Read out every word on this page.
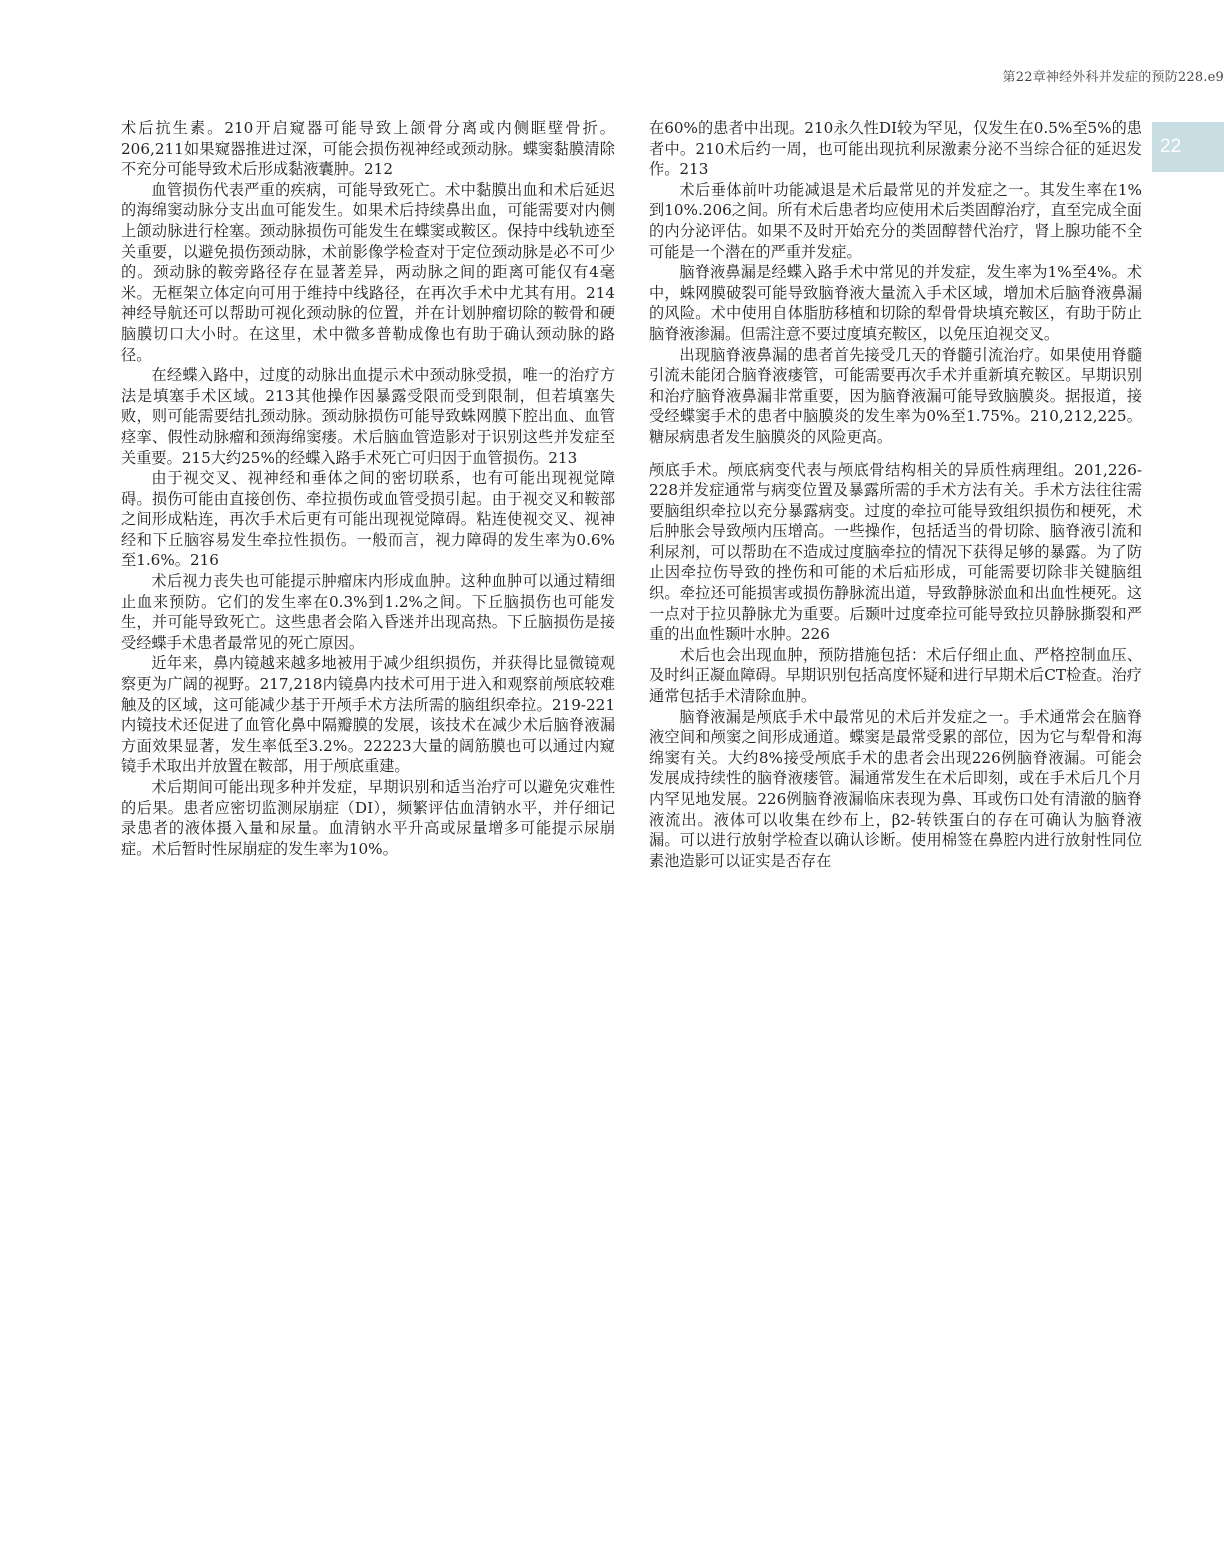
第22章神经外科并发症的预防228.e9
22

术后抗生素。210开启窥器可能导致上颌骨分离或内侧眶壁骨折。206,211如果窥器推进过深，可能会损伤视神经或颈动脉。蝶窦黏膜清除不充分可能导致术后形成黏液囊肿。212

血管损伤代表严重的疾病，可能导致死亡。术中黏膜出血和术后延迟的海绵窦动脉分支出血可能发生。如果术后持续鼻出血，可能需要对内侧上颌动脉进行栓塞。颈动脉损伤可能发生在蝶窦或鞍区。保持中线轨迹至关重要，以避免损伤颈动脉，术前影像学检查对于定位颈动脉是必不可少的。颈动脉的鞍旁路径存在显著差异，两动脉之间的距离可能仅有4毫米。无框架立体定向可用于维持中线路径，在再次手术中尤其有用。214神经导航还可以帮助可视化颈动脉的位置，并在计划肿瘤切除的鞍骨和硬脑膜切口大小时。在这里，术中微多普勒成像也有助于确认颈动脉的路径。

在经蝶入路中，过度的动脉出血提示术中颈动脉受损，唯一的治疗方法是填塞手术区域。213其他操作因暴露受限而受到限制，但若填塞失败，则可能需要结扎颈动脉。颈动脉损伤可能导致蛛网膜下腔出血、血管痉挛、假性动脉瘤和颈海绵窦瘘。术后脑血管造影对于识别这些并发症至关重要。215大约25%的经蝶入路手术死亡可归因于血管损伤。213

由于视交叉、视神经和垂体之间的密切联系，也有可能出现视觉障碍。损伤可能由直接创伤、牵拉损伤或血管受损引起。由于视交叉和鞍部之间形成粘连，再次手术后更有可能出现视觉障碍。粘连使视交叉、视神经和下丘脑容易发生牵拉性损伤。一般而言，视力障碍的发生率为0.6%至1.6%。216

术后视力丧失也可能提示肿瘤床内形成血肿。这种血肿可以通过精细止血来预防。它们的发生率在0.3%到1.2%之间。下丘脑损伤也可能发生，并可能导致死亡。这些患者会陷入昏迷并出现高热。下丘脑损伤是接受经蝶手术患者最常见的死亡原因。

近年来，鼻内镜越来越多地被用于减少组织损伤，并获得比显微镜观察更为广阔的视野。217,218内镜鼻内技术可用于进入和观察前颅底较难触及的区域，这可能减少基于开颅手术方法所需的脑组织牵拉。219-221内镜技术还促进了血管化鼻中隔瓣膜的发展，该技术在减少术后脑脊液漏方面效果显著，发生率低至3.2%。22223大量的阔筋膜也可以通过内窥镜手术取出并放置在鞍部，用于颅底重建。

术后期间可能出现多种并发症，早期识别和适当治疗可以避免灾难性的后果。患者应密切监测尿崩症（DI），频繁评估血清钠水平，并仔细记录患者的液体摄入量和尿量。血清钠水平升高或尿量增多可能提示尿崩症。术后暂时性尿崩症的发生率为10%。

在60%的患者中出现。210永久性DI较为罕见，仅发生在0.5%至5%的患者中。210术后约一周，也可能出现抗利尿激素分泌不当综合征的延迟发作。213

术后垂体前叶功能减退是术后最常见的并发症之一。其发生率在1%到10%.206之间。所有术后患者均应使用术后类固醇治疗，直至完成全面的内分泌评估。如果不及时开始充分的类固醇替代治疗，肾上腺功能不全可能是一个潜在的严重并发症。

脑脊液鼻漏是经蝶入路手术中常见的并发症，发生率为1%至4%。术中，蛛网膜破裂可能导致脑脊液大量流入手术区域，增加术后脑脊液鼻漏的风险。术中使用自体脂肪移植和切除的犁骨骨块填充鞍区，有助于防止脑脊液渗漏。但需注意不要过度填充鞍区，以免压迫视交叉。

出现脑脊液鼻漏的患者首先接受几天的脊髓引流治疗。如果使用脊髓引流未能闭合脑脊液瘘管，可能需要再次手术并重新填充鞍区。早期识别和治疗脑脊液鼻漏非常重要，因为脑脊液漏可能导致脑膜炎。据报道，接受经蝶窦手术的患者中脑膜炎的发生率为0%至1.75%。210,212,225。糖尿病患者发生脑膜炎的风险更高。

颅底手术。颅底病变代表与颅底骨结构相关的异质性病理组。201,226-228并发症通常与病变位置及暴露所需的手术方法有关。手术方法往往需要脑组织牵拉以充分暴露病变。过度的牵拉可能导致组织损伤和梗死，术后肿胀会导致颅内压增高。一些操作，包括适当的骨切除、脑脊液引流和利尿剂，可以帮助在不造成过度脑牵拉的情况下获得足够的暴露。为了防止因牵拉伤导致的挫伤和可能的术后疝形成，可能需要切除非关键脑组织。牵拉还可能损害或损伤静脉流出道，导致静脉淤血和出血性梗死。这一点对于拉贝静脉尤为重要。后颞叶过度牵拉可能导致拉贝静脉撕裂和严重的出血性颞叶水肿。226

术后也会出现血肿，预防措施包括：术后仔细止血、严格控制血压、及时纠正凝血障碍。早期识别包括高度怀疑和进行早期术后CT检查。治疗通常包括手术清除血肿。

脑脊液漏是颅底手术中最常见的术后并发症之一。手术通常会在脑脊液空间和颅窦之间形成通道。蝶窦是最常受累的部位，因为它与犁骨和海绵窦有关。大约8%接受颅底手术的患者会出现226例脑脊液漏。可能会发展成持续性的脑脊液瘘管。漏通常发生在术后即刻，或在手术后几个月内罕见地发展。226例脑脊液漏临床表现为鼻、耳或伤口处有清澈的脑脊液流出。液体可以收集在纱布上，β2-转铁蛋白的存在可确认为脑脊液漏。可以进行放射学检查以确认诊断。使用棉签在鼻腔内进行放射性同位素池造影可以证实是否存在
